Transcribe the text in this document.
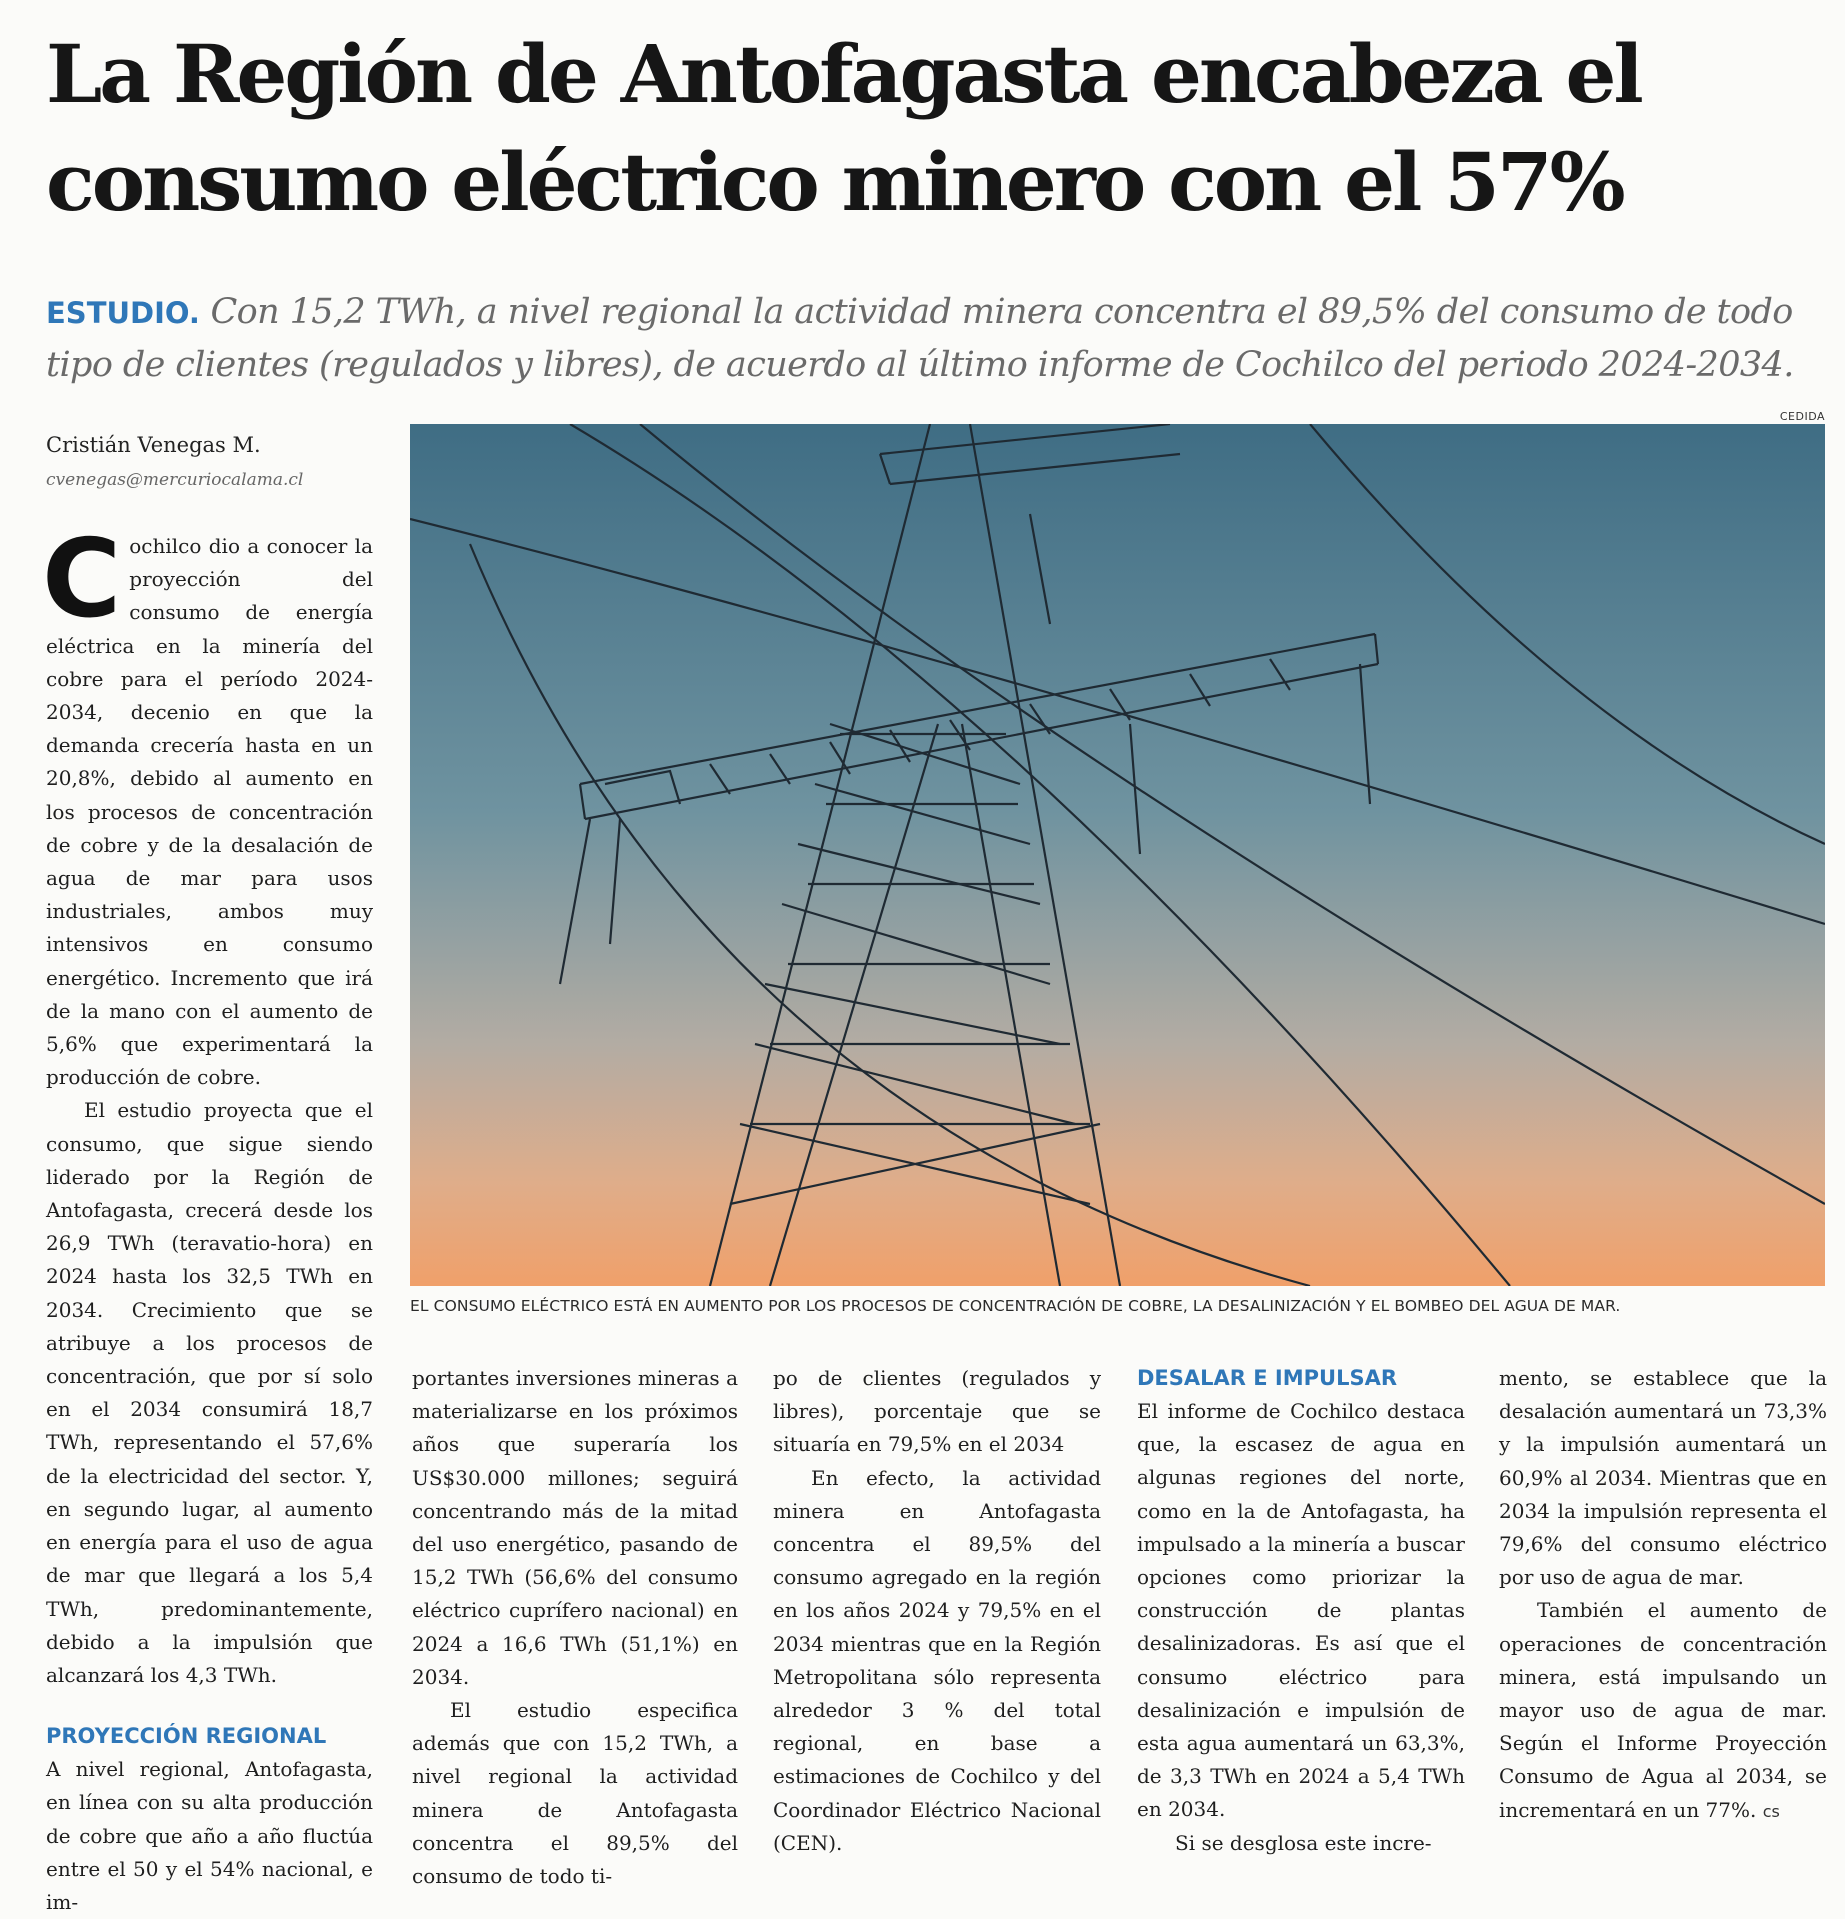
La Región de Antofagasta encabeza el consumo eléctrico minero con el 57%

ESTUDIO. Con 15,2 TWh, a nivel regional la actividad minera concentra el 89,5% del consumo de todo tipo de clientes (regulados y libres), de acuerdo al último informe de Cochilco del periodo 2024-2034.

Cristián Venegas M.
cvenegas@mercuriocalama.cl
CEDIDA
EL CONSUMO ELÉCTRICO ESTÁ EN AUMENTO POR LOS PROCESOS DE CONCENTRACIÓN DE COBRE, LA DESALINIZACIÓN Y EL BOMBEO DEL AGUA DE MAR.

Cochilco dio a conocer la proyección del consumo de energía eléctrica en la minería del cobre para el período 2024-2034, decenio en que la demanda crecería hasta en un 20,8%, debido al aumento en los procesos de concentración de cobre y de la desalación de agua de mar para usos industriales, ambos muy intensivos en consumo energético. Incremento que irá de la mano con el aumento de 5,6% que experimentará la producción de cobre.

El estudio proyecta que el consumo, que sigue siendo liderado por la Región de Antofagasta, crecerá desde los 26,9 TWh (teravatio-hora) en 2024 hasta los 32,5 TWh en 2034. Crecimiento que se atribuye a los procesos de concentración, que por sí solo en el 2034 consumirá 18,7 TWh, representando el 57,6% de la electricidad del sector. Y, en segundo lugar, al aumento en energía para el uso de agua de mar que llegará a los 5,4 TWh, predominantemente, debido a la impulsión que alcanzará los 4,3 TWh.

PROYECCIÓN REGIONAL

A nivel regional, Antofagasta, en línea con su alta producción de cobre que año a año fluctúa entre el 50 y el 54% nacional, e im-

portantes inversiones mineras a materializarse en los próximos años que superaría los US$30.000 millones; seguirá concentrando más de la mitad del uso energético, pasando de 15,2 TWh (56,6% del consumo eléctrico cuprífero nacional) en 2024 a 16,6 TWh (51,1%) en 2034.

El estudio especifica además que con 15,2 TWh, a nivel regional la actividad minera de Antofagasta concentra el 89,5% del consumo de todo ti-

po de clientes (regulados y libres), porcentaje que se situaría en 79,5% en el 2034

En efecto, la actividad minera en Antofagasta concentra el 89,5% del consumo agregado en la región en los años 2024 y 79,5% en el 2034 mientras que en la Región Metropolitana sólo representa alrededor 3 % del total regional, en base a estimaciones de Cochilco y del Coordinador Eléctrico Nacional (CEN).

DESALAR E IMPULSAR

El informe de Cochilco destaca que, la escasez de agua en algunas regiones del norte, como en la de Antofagasta, ha impulsado a la minería a buscar opciones como priorizar la construcción de plantas desalinizadoras. Es así que el consumo eléctrico para desalinización e impulsión de esta agua aumentará un 63,3%, de 3,3 TWh en 2024 a 5,4 TWh en 2034.

Si se desglosa este incre-

mento, se establece que la desalación aumentará un 73,3% y la impulsión aumentará un 60,9% al 2034. Mientras que en 2034 la impulsión representa el 79,6% del consumo eléctrico por uso de agua de mar.

También el aumento de operaciones de concentración minera, está impulsando un mayor uso de agua de mar. Según el Informe Proyección Consumo de Agua al 2034, se incrementará en un 77%. cs
